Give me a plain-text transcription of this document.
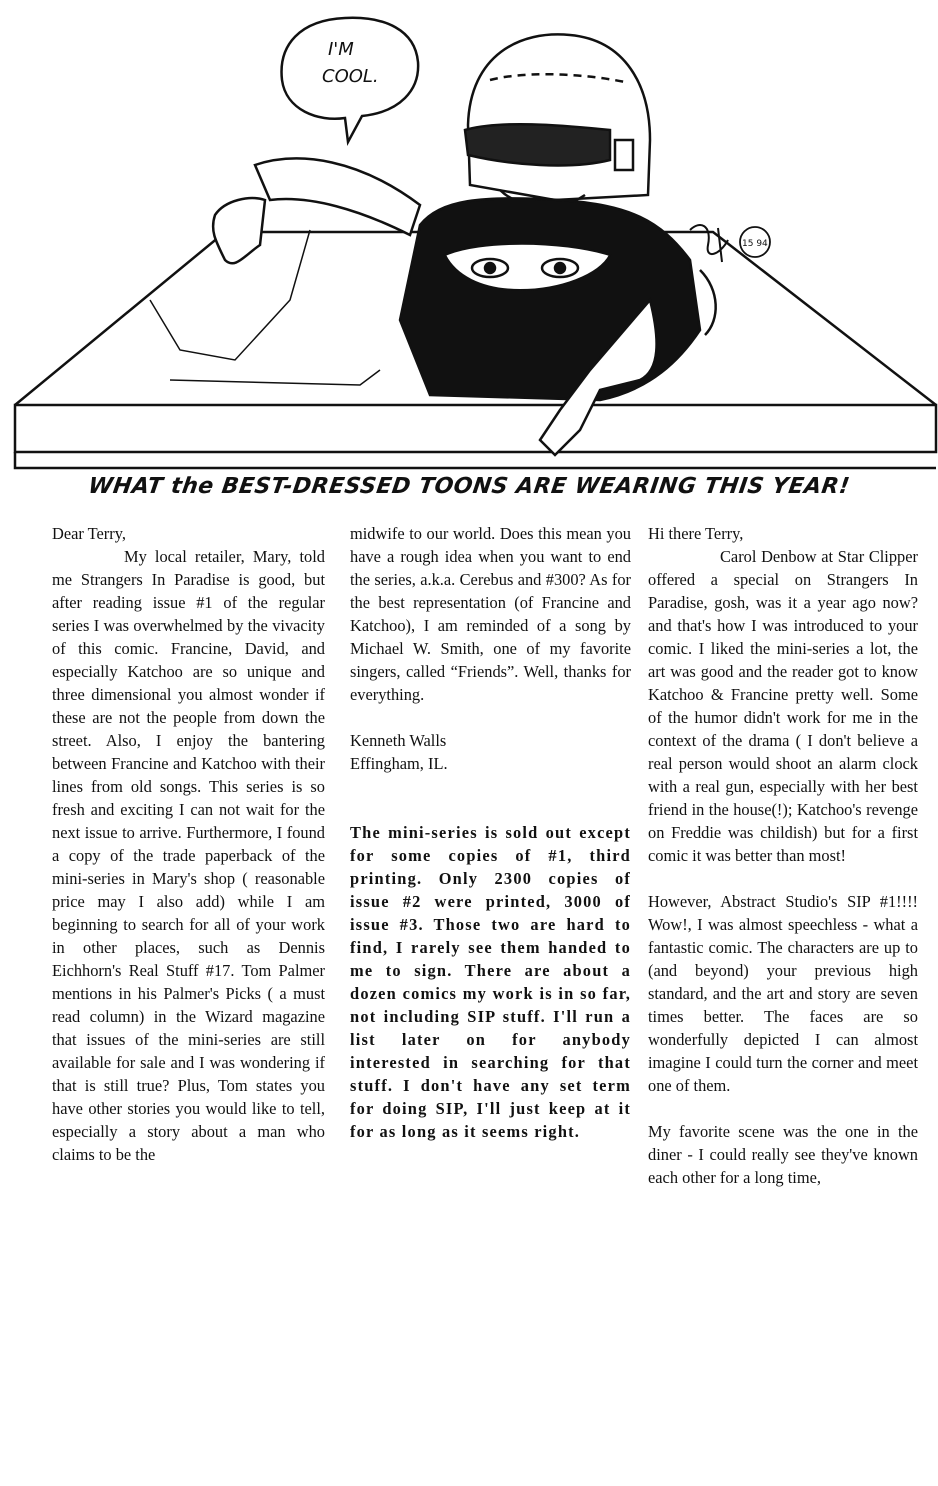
I'M
COOL.
15 94
WHAT the BEST-DRESSED TOONS ARE WEARING THIS YEAR!

Dear Terry,

My local retailer, Mary, told me Strangers In Paradise is good, but after reading issue #1 of the regular series I was overwhelmed by the vivacity of this comic. Francine, David, and especially Katchoo are so unique and three dimensional you almost wonder if these are not the people from down the street. Also, I enjoy the bantering between Francine and Katchoo with their lines from old songs. This series is so fresh and exciting I can not wait for the next issue to arrive. Furthermore, I found a copy of the trade paperback of the mini-series in Mary's shop ( reasonable price may I also add) while I am beginning to search for all of your work in other places, such as Dennis Eichhorn's Real Stuff #17. Tom Palmer mentions in his Palmer's Picks ( a must read column) in the Wizard magazine that issues of the mini-series are still available for sale and I was wondering if that is still true? Plus, Tom states you have other stories you would like to tell, especially a story about a man who claims to be the

midwife to our world. Does this mean you have a rough idea when you want to end the series, a.k.a. Cerebus and #300? As for the best representation (of Francine and Katchoo), I am reminded of a song by Michael W. Smith, one of my favorite singers, called “Friends”. Well, thanks for everything.

Kenneth Walls

Effingham, IL.

The mini-series is sold out except for some copies of #1, third printing. Only 2300 copies of issue #2 were printed, 3000 of issue #3. Those two are hard to find, I rarely see them handed to me to sign. There are about a dozen comics my work is in so far, not including SIP stuff. I'll run a list later on for anybody interested in searching for that stuff. I don't have any set term for doing SIP, I'll just keep at it for as long as it seems right.

Hi there Terry,

Carol Denbow at Star Clipper offered a special on Strangers In Paradise, gosh, was it a year ago now? and that's how I was introduced to your comic. I liked the mini-series a lot, the art was good and the reader got to know Katchoo & Francine pretty well. Some of the humor didn't work for me in the context of the drama ( I don't believe a real person would shoot an alarm clock with a real gun, especially with her best friend in the house(!); Katchoo's revenge on Freddie was childish) but for a first comic it was better than most!

However, Abstract Studio's SIP #1!!!! Wow!, I was almost speechless - what a fantastic comic. The characters are up to (and beyond) your previous high standard, and the art and story are seven times better. The faces are so wonderfully depicted I can almost imagine I could turn the corner and meet one of them.

My favorite scene was the one in the diner - I could really see they've known each other for a long time,
